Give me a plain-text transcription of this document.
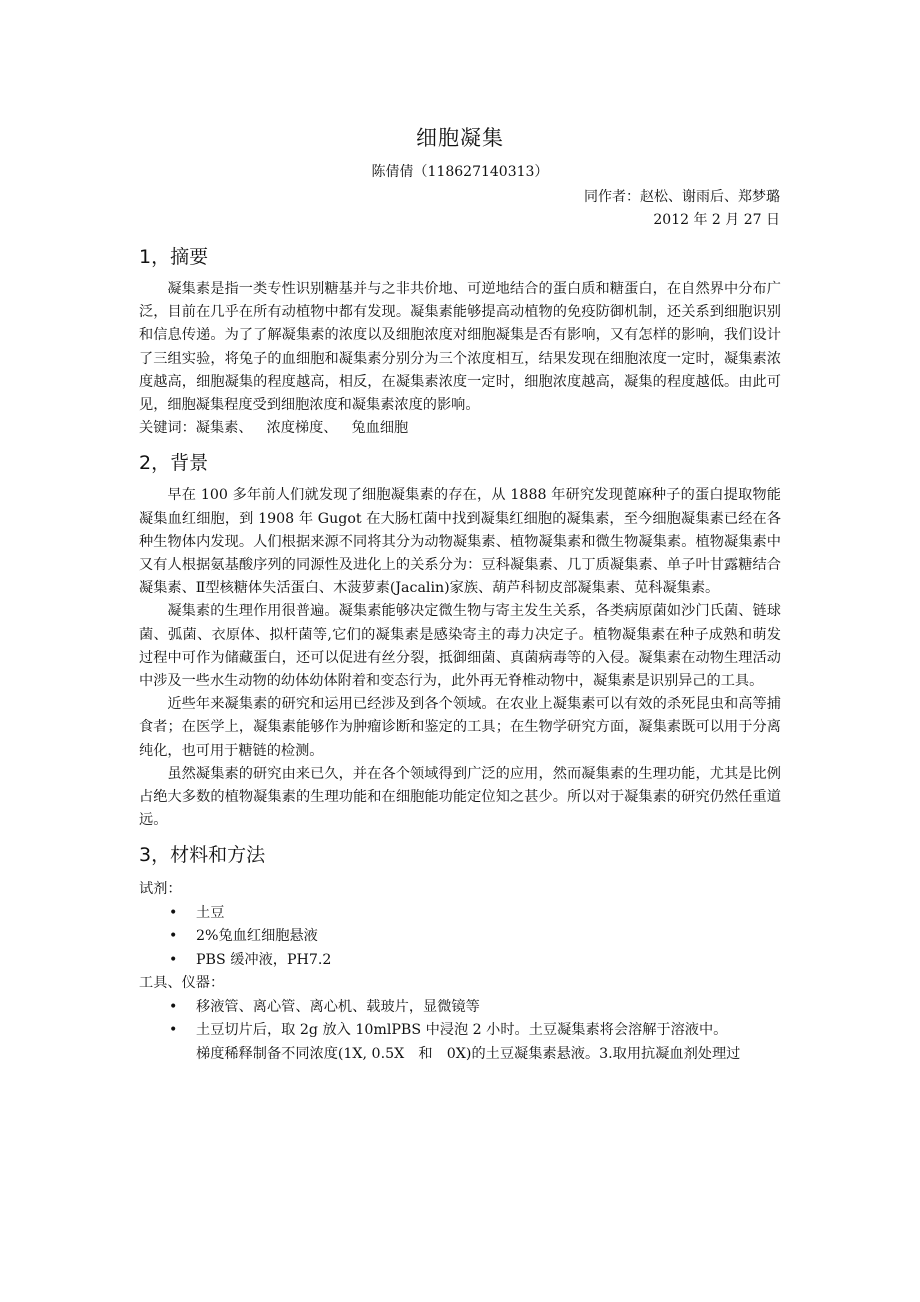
细胞凝集
陈倩倩（118627140313）
同作者：赵松、谢雨后、郑梦璐
2012 年 2 月 27 日
1，摘要

凝集素是指一类专性识别糖基并与之非共价地、可逆地结合的蛋白质和糖蛋白，在自然界中分布广泛，目前在几乎在所有动植物中都有发现。凝集素能够提高动植物的免疫防御机制，还关系到细胞识别和信息传递。为了了解凝集素的浓度以及细胞浓度对细胞凝集是否有影响，又有怎样的影响，我们设计了三组实验，将兔子的血细胞和凝集素分别分为三个浓度相互，结果发现在细胞浓度一定时，凝集素浓度越高，细胞凝集的程度越高，相反，在凝集素浓度一定时，细胞浓度越高，凝集的程度越低。由此可见，细胞凝集程度受到细胞浓度和凝集素浓度的影响。

关键词：凝集素、 浓度梯度、 兔血细胞

2，背景

早在 100 多年前人们就发现了细胞凝集素的存在，从 1888 年研究发现蓖麻种子的蛋白提取物能凝集血红细胞，到 1908 年 Gugot 在大肠杠菌中找到凝集红细胞的凝集素，至今细胞凝集素已经在各种生物体内发现。人们根据来源不同将其分为动物凝集素、植物凝集素和微生物凝集素。植物凝集素中又有人根据氨基酸序列的同源性及进化上的关系分为：豆科凝集素、几丁质凝集素、单子叶甘露糖结合凝集素、Ⅱ型核糖体失活蛋白、木菠萝素(Jacalin)家族、葫芦科韧皮部凝集素、苋科凝集素。

凝集素的生理作用很普遍。凝集素能够决定微生物与寄主发生关系，各类病原菌如沙门氏菌、链球菌、弧菌、衣原体、拟杆菌等,它们的凝集素是感染寄主的毒力决定子。植物凝集素在种子成熟和萌发过程中可作为储藏蛋白，还可以促进有丝分裂，抵御细菌、真菌病毒等的入侵。凝集素在动物生理活动中涉及一些水生动物的幼体幼体附着和变态行为，此外再无脊椎动物中，凝集素是识别异己的工具。

近些年来凝集素的研究和运用已经涉及到各个领域。在农业上凝集素可以有效的杀死昆虫和高等捕食者；在医学上，凝集素能够作为肿瘤诊断和鉴定的工具；在生物学研究方面，凝集素既可以用于分离纯化，也可用于糖链的检测。

虽然凝集素的研究由来已久，并在各个领域得到广泛的应用，然而凝集素的生理功能，尤其是比例占绝大多数的植物凝集素的生理功能和在细胞能功能定位知之甚少。所以对于凝集素的研究仍然任重道远。

3，材料和方法

试剂：

• 土豆
• 2%兔血红细胞悬液
• PBS 缓冲液，PH7.2

工具、仪器：

• 移液管、离心管、离心机、载玻片，显微镜等
• 土豆切片后，取 2g 放入 10mlPBS 中浸泡 2 小时。土豆凝集素将会溶解于溶液中。
梯度稀释制备不同浓度(1X, 0.5X　和　0X)的土豆凝集素悬液。3.取用抗凝血剂处理过
